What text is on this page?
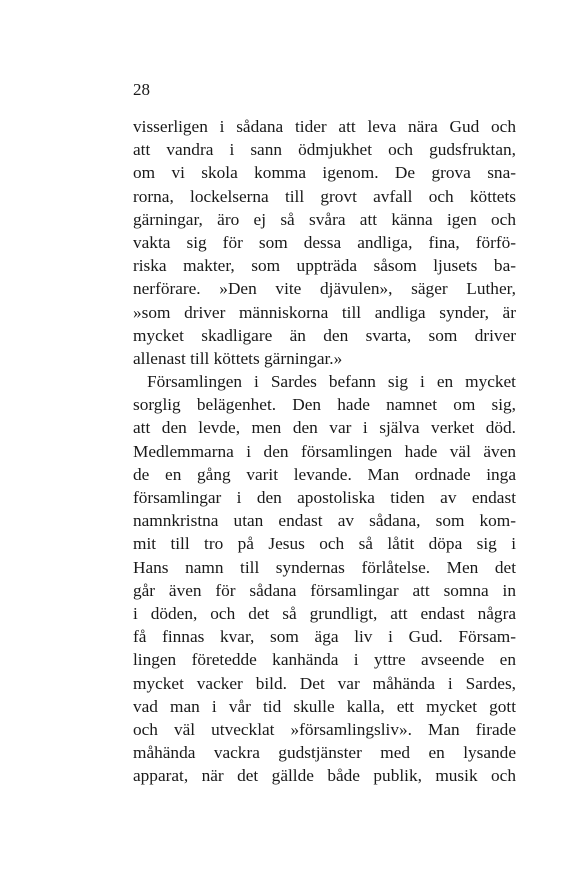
28
visserligen i sådana tider att leva nära Gud och
att vandra i sann ödmjukhet och gudsfruktan,
om vi skola komma igenom. De grova sna-
rorna, lockelserna till grovt avfall och köttets
gärningar, äro ej så svåra att känna igen och
vakta sig för som dessa andliga, fina, förfö-
riska makter, som uppträda såsom ljusets ba-
nerförare. »Den vite djävulen», säger Luther,
»som driver människorna till andliga synder, är
mycket skadligare än den svarta, som driver
allenast till köttets gärningar.»
Församlingen i Sardes befann sig i en mycket
sorglig belägenhet. Den hade namnet om sig,
att den levde, men den var i själva verket död.
Medlemmarna i den församlingen hade väl även
de en gång varit levande. Man ordnade inga
församlingar i den apostoliska tiden av endast
namnkristna utan endast av sådana, som kom-
mit till tro på Jesus och så låtit döpa sig i
Hans namn till syndernas förlåtelse. Men det
går även för sådana församlingar att somna in
i döden, och det så grundligt, att endast några
få finnas kvar, som äga liv i Gud. Försam-
lingen företedde kanhända i yttre avseende en
mycket vacker bild. Det var måhända i Sardes,
vad man i vår tid skulle kalla, ett mycket gott
och väl utvecklat »församlingsliv». Man firade
måhända vackra gudstjänster med en lysande
apparat, när det gällde både publik, musik och
